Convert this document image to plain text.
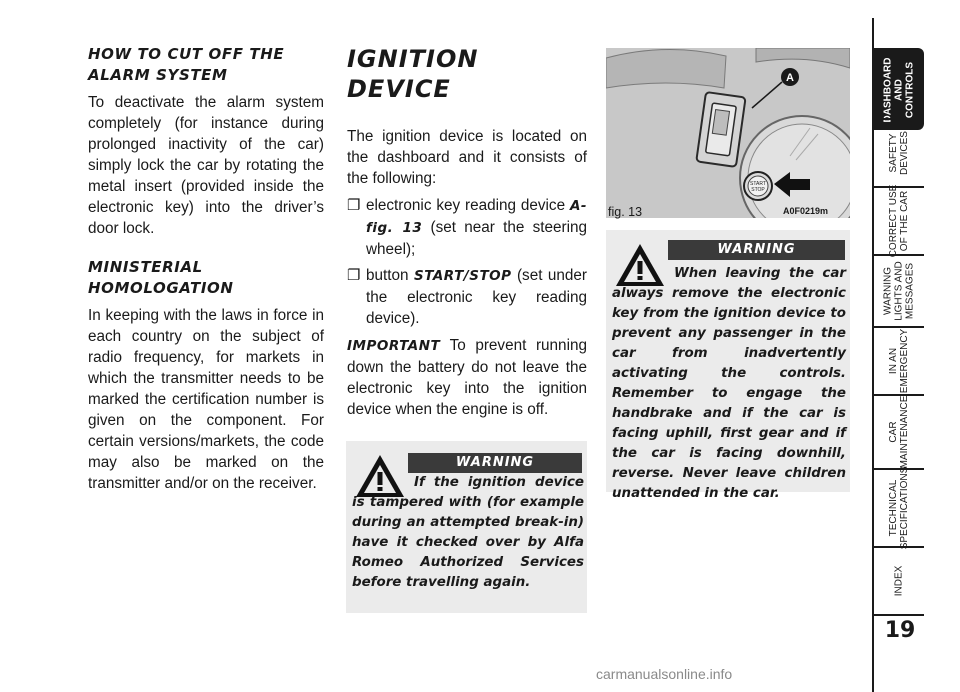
HOW TO CUT OFF THE
ALARM SYSTEM

To deactivate the alarm system completely (for instance during prolonged inactivity of the car) simply lock the car by rotating the metal insert (provided inside the electronic key) into the driver’s door lock.

MINISTERIAL
HOMOLOGATION

In keeping with the laws in force in each country on the subject of radio frequency, for markets in which the transmitter needs to be marked the certification number is given on the component. For certain versions/markets, the code may also be marked on the transmitter and/or on the receiver.

IGNITION
DEVICE

The ignition device is located on the dashboard and it consists of the following:

❐ electronic key reading device A-fig. 13 (set near the steering wheel);
❐ button START/STOP (set under the electronic key reading device).

IMPORTANT To prevent running down the battery do not leave the electronic key into the ignition device when the engine is off.

WARNING

If the ignition device is tampered with (for example during an attempted break-in) have it checked over by Alfa Romeo Authorized Services before travelling again.

A
START
STOP
fig. 13	A0F0219m
WARNING

When leaving the car always remove the electronic key from the ignition device to prevent any passenger in the car from inadvertently activating the controls. Remember to engage the handbrake and if the car is facing uphill, first gear and if the car is facing downhill, reverse. Never leave children unattended in the car.

DASHBOARD
AND
CONTROLS
SAFETY
DEVICES
CORRECT USE
OF THE CAR
WARNING
LIGHTS AND
MESSAGES
IN AN
EMERGENCY
CAR
MAINTENANCE
TECHNICAL
SPECIFICATIONS
INDEX
19
carmanualsonline.info
